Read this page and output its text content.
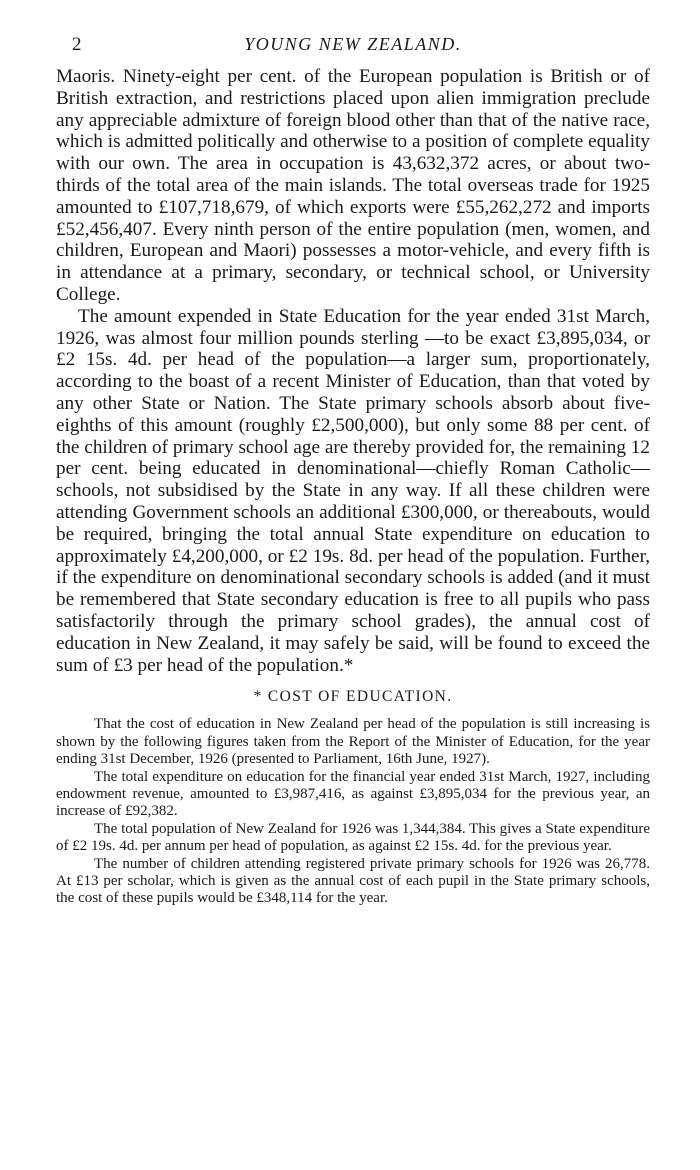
2	YOUNG NEW ZEALAND.

Maoris. Ninety-eight per cent. of the European population is British or of British extraction, and restrictions placed upon alien immigration preclude any appreciable admixture of foreign blood other than that of the native race, which is admitted politically and otherwise to a position of complete equality with our own. The area in occupation is 43,632,372 acres, or about two-thirds of the total area of the main islands. The total overseas trade for 1925 amounted to £107,718,679, of which exports were £55,262,272 and imports £52,456,407. Every ninth person of the entire population (men, women, and children, European and Maori) possesses a motor-vehicle, and every fifth is in attendance at a primary, secondary, or technical school, or University College.

The amount expended in State Education for the year ended 31st March, 1926, was almost four million pounds sterling —to be exact £3,895,034, or £2 15s. 4d. per head of the population—a larger sum, proportionately, according to the boast of a recent Minister of Education, than that voted by any other State or Nation. The State primary schools absorb about five-eighths of this amount (roughly £2,500,000), but only some 88 per cent. of the children of primary school age are thereby provided for, the remaining 12 per cent. being educated in denominational—chiefly Roman Catholic—schools, not subsidised by the State in any way. If all these children were attending Government schools an additional £300,000, or thereabouts, would be required, bringing the total annual State expenditure on education to approximately £4,200,000, or £2 19s. 8d. per head of the population. Further, if the expenditure on denominational secondary schools is added (and it must be remembered that State secondary education is free to all pupils who pass satisfactorily through the primary school grades), the annual cost of education in New Zealand, it may safely be said, will be found to exceed the sum of £3 per head of the population.*

* COST OF EDUCATION.

That the cost of education in New Zealand per head of the population is still increasing is shown by the following figures taken from the Report of the Minister of Education, for the year ending 31st December, 1926 (presented to Parliament, 16th June, 1927).

The total expenditure on education for the financial year ended 31st March, 1927, including endowment revenue, amounted to £3,987,416, as against £3,895,034 for the previous year, an increase of £92,382.

The total population of New Zealand for 1926 was 1,344,384. This gives a State expenditure of £2 19s. 4d. per annum per head of population, as against £2 15s. 4d. for the previous year.

The number of children attending registered private primary schools for 1926 was 26,778. At £13 per scholar, which is given as the annual cost of each pupil in the State primary schools, the cost of these pupils would be £348,114 for the year.
